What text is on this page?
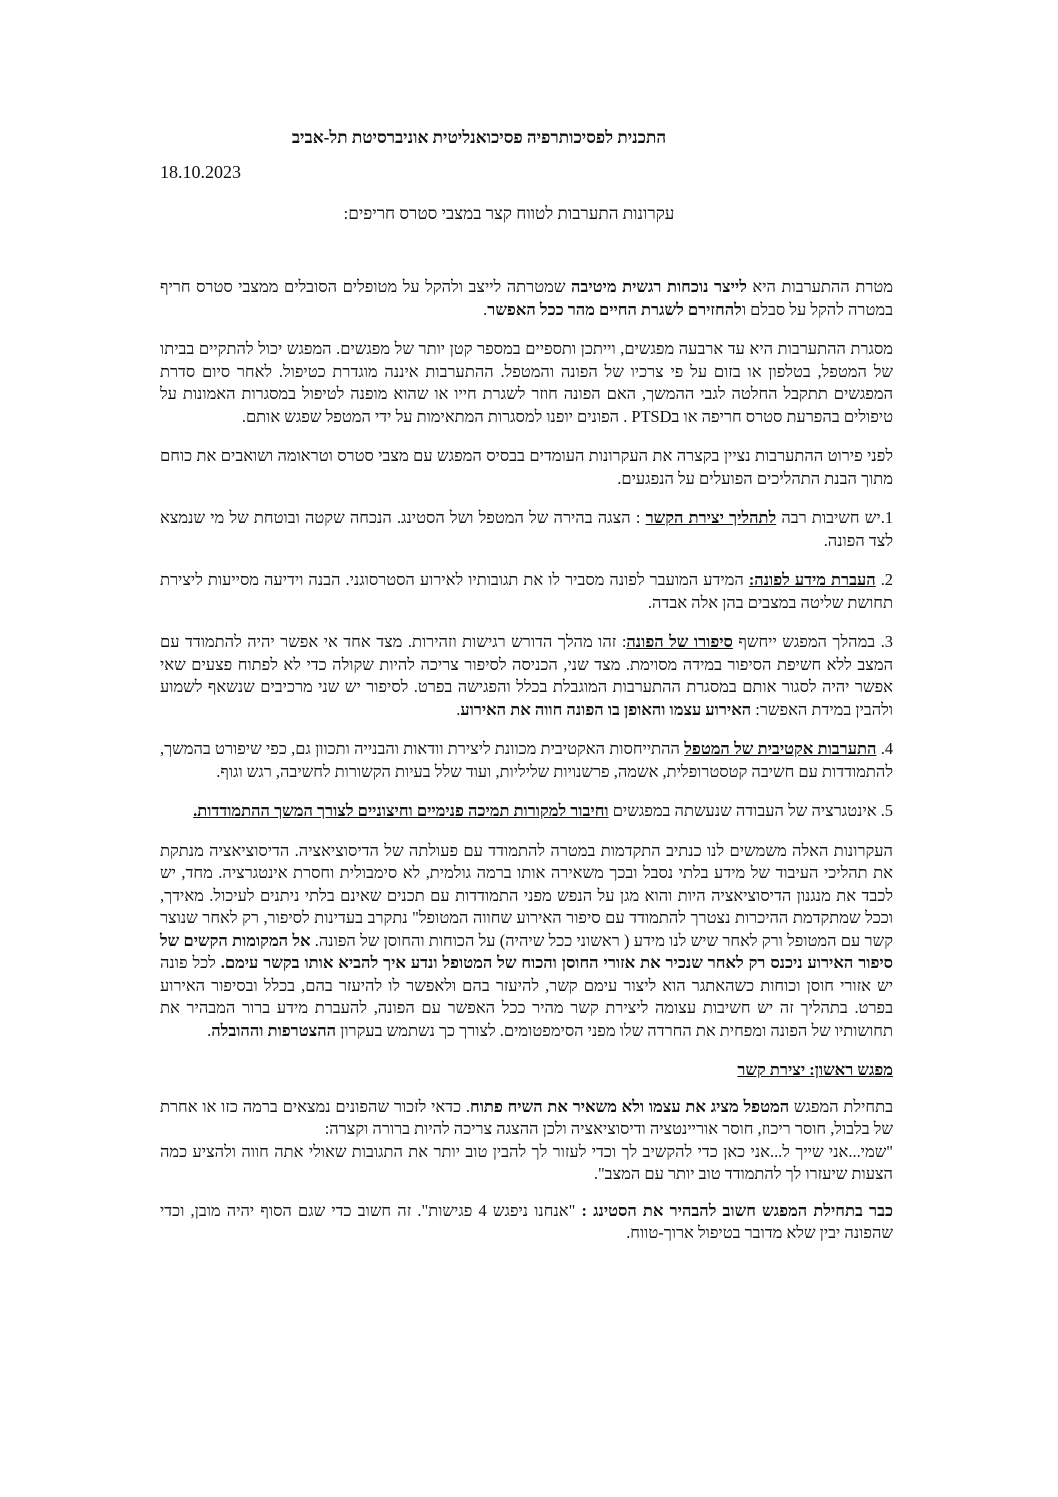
התכנית לפסיכותרפיה פסיכואנליטית אוניברסיטת תל-אביב
18.10.2023
עקרונות התערבות לטווח קצר במצבי סטרס חריפים:

מטרת ההתערבות היא לייצר נוכחות רגשית מיטיבה שמטרתה לייצב ולהקל על מטופלים הסובלים ממצבי סטרס חריף במטרה להקל על סבלם ולהחזירם לשגרת החיים מהר ככל האפשר.

מסגרת ההתערבות היא עד ארבעה מפגשים, וייתכן ותספיים במספר קטן יותר של מפגשים. המפגש יכול להתקיים בביתו של המטפל, בטלפון או בזום על פי צרכיו של הפונה והמטפל. ההתערבות איננה מוגדרת כטיפול. לאחר סיום סדרת המפגשים תתקבל החלטה לגבי ההמשך, האם הפונה חוזר לשגרת חייו או שהוא מופנה לטיפול במסגרות האמונות על טיפולים בהפרעת סטרס חריפה או בPTSD . הפונים יופנו למסגרות המתאימות על ידי המטפל שפגש אותם.

לפני פירוט ההתערבות נציין בקצרה את העקרונות העומדים בבסיס המפגש עם מצבי סטרס וטראומה ושואבים את כוחם מתוך הבנת התהליכים הפועלים על הנפגעים.

1.יש חשיבות רבה לתהליך יצירת הקשר : הצגה בהירה של המטפל ושל הסטינג. הנכחה שקטה ובוטחת של מי שנמצא לצד הפונה.

2. העברת מידע לפונה: המידע המועבר לפונה מסביר לו את תגובותיו לאירוע הסטרסוגני. הבנה וידיעה מסייעות ליצירת תחושת שליטה במצבים בהן אלה אבדה.

3. במהלך המפגש ייחשף סיפורו של הפונה: זהו מהלך הדורש רגישות וזהירות. מצד אחד אי אפשר יהיה להתמודד עם המצב ללא חשיפת הסיפור במידה מסוימת. מצד שני, הכניסה לסיפור צריכה להיות שקולה כדי לא לפתוח פצעים שאי אפשר יהיה לסגור אותם במסגרת ההתערבות המוגבלת בכלל והפגישה בפרט. לסיפור יש שני מרכיבים שנשאף לשמוע ולהבין במידת האפשר: האירוע עצמו והאופן בו הפונה חווה את האירוע.

4. התערבות אקטיבית של המטפל ההתייחסות האקטיבית מכוונת ליצירת וודאות והבנייה ותכוון גם, כפי שיפורט בהמשך, להתמודדות עם חשיבה קטסטרופלית, אשמה, פרשנויות שליליות, ועוד שלל בעיות הקשורות לחשיבה, רגש וגוף.

5. אינטגרציה של העבודה שנעשתה במפגשים וחיבור למקורות תמיכה פנימיים וחיצוניים לצורך המשך ההתמודדות.

העקרונות האלה משמשים לנו כנתיב התקדמות במטרה להתמודד עם פעולתה של הדיסוציאציה. הדיסוציאציה מנתקת את תהליכי העיבוד של מידע בלתי נסבל ובכך משאירה אותו ברמה גולמית, לא סימבולית וחסרת אינטגרציה. מחד, יש לכבד את מנגנון הדיסוציאציה היות והוא מגן על הנפש מפני התמודדות עם תכנים שאינם בלתי ניתנים לעיכול. מאידך, וככל שמתקדמת ההיכרות נצטרך להתמודד עם סיפור האירוע שחווה המטופל" נתקרב בעדינות לסיפור, רק לאחר שנוצר קשר עם המטופל ורק לאחר שיש לנו מידע ( ראשוני ככל שיהיה) על הכוחות והחוסן של הפונה. אל המקומות הקשים של סיפור האירוע ניכנס רק לאחר שנכיר את אזורי החוסן והכוח של המטופל ונדע איך להביא אותו בקשר עימם. לכל פונה יש אזורי חוסן וכוחות כשהאתגר הוא ליצור עימם קשר, להיעזר בהם ולאפשר לו להיעזר בהם, בכלל ובסיפור האירוע בפרט. בתהליך זה יש חשיבות עצומה ליצירת קשר מהיר ככל האפשר עם הפונה, להעברת מידע ברור המבהיר את תחושותיו של הפונה ומפחית את החרדה שלו מפני הסימפטומים. לצורך כך נשתמש בעקרון ההצטרפות וההובלה.

מפגש ראשון: יצירת קשר

בתחילת המפגש המטפל מציג את עצמו ולא משאיר את השיח פתוח. כדאי לזכור שהפונים נמצאים ברמה כזו או אחרת של בלבול, חוסר ריכוז, חוסר אוריינטציה ודיסוציאציה ולכן ההצגה צריכה להיות ברורה וקצרה:
"שמי...אני שייך ל...אני כאן כדי להקשיב לך וכדי לעזור לך להבין טוב יותר את התגובות שאולי אתה חווה ולהציע כמה הצעות שיעזרו לך להתמודד טוב יותר עם המצב".

כבר בתחילת המפגש חשוב להבהיר את הסטינג : "אנחנו ניפגש 4 פגישות". זה חשוב כדי שגם הסוף יהיה מובן, וכדי שהפונה יבין שלא מדובר בטיפול ארוך-טווח.
